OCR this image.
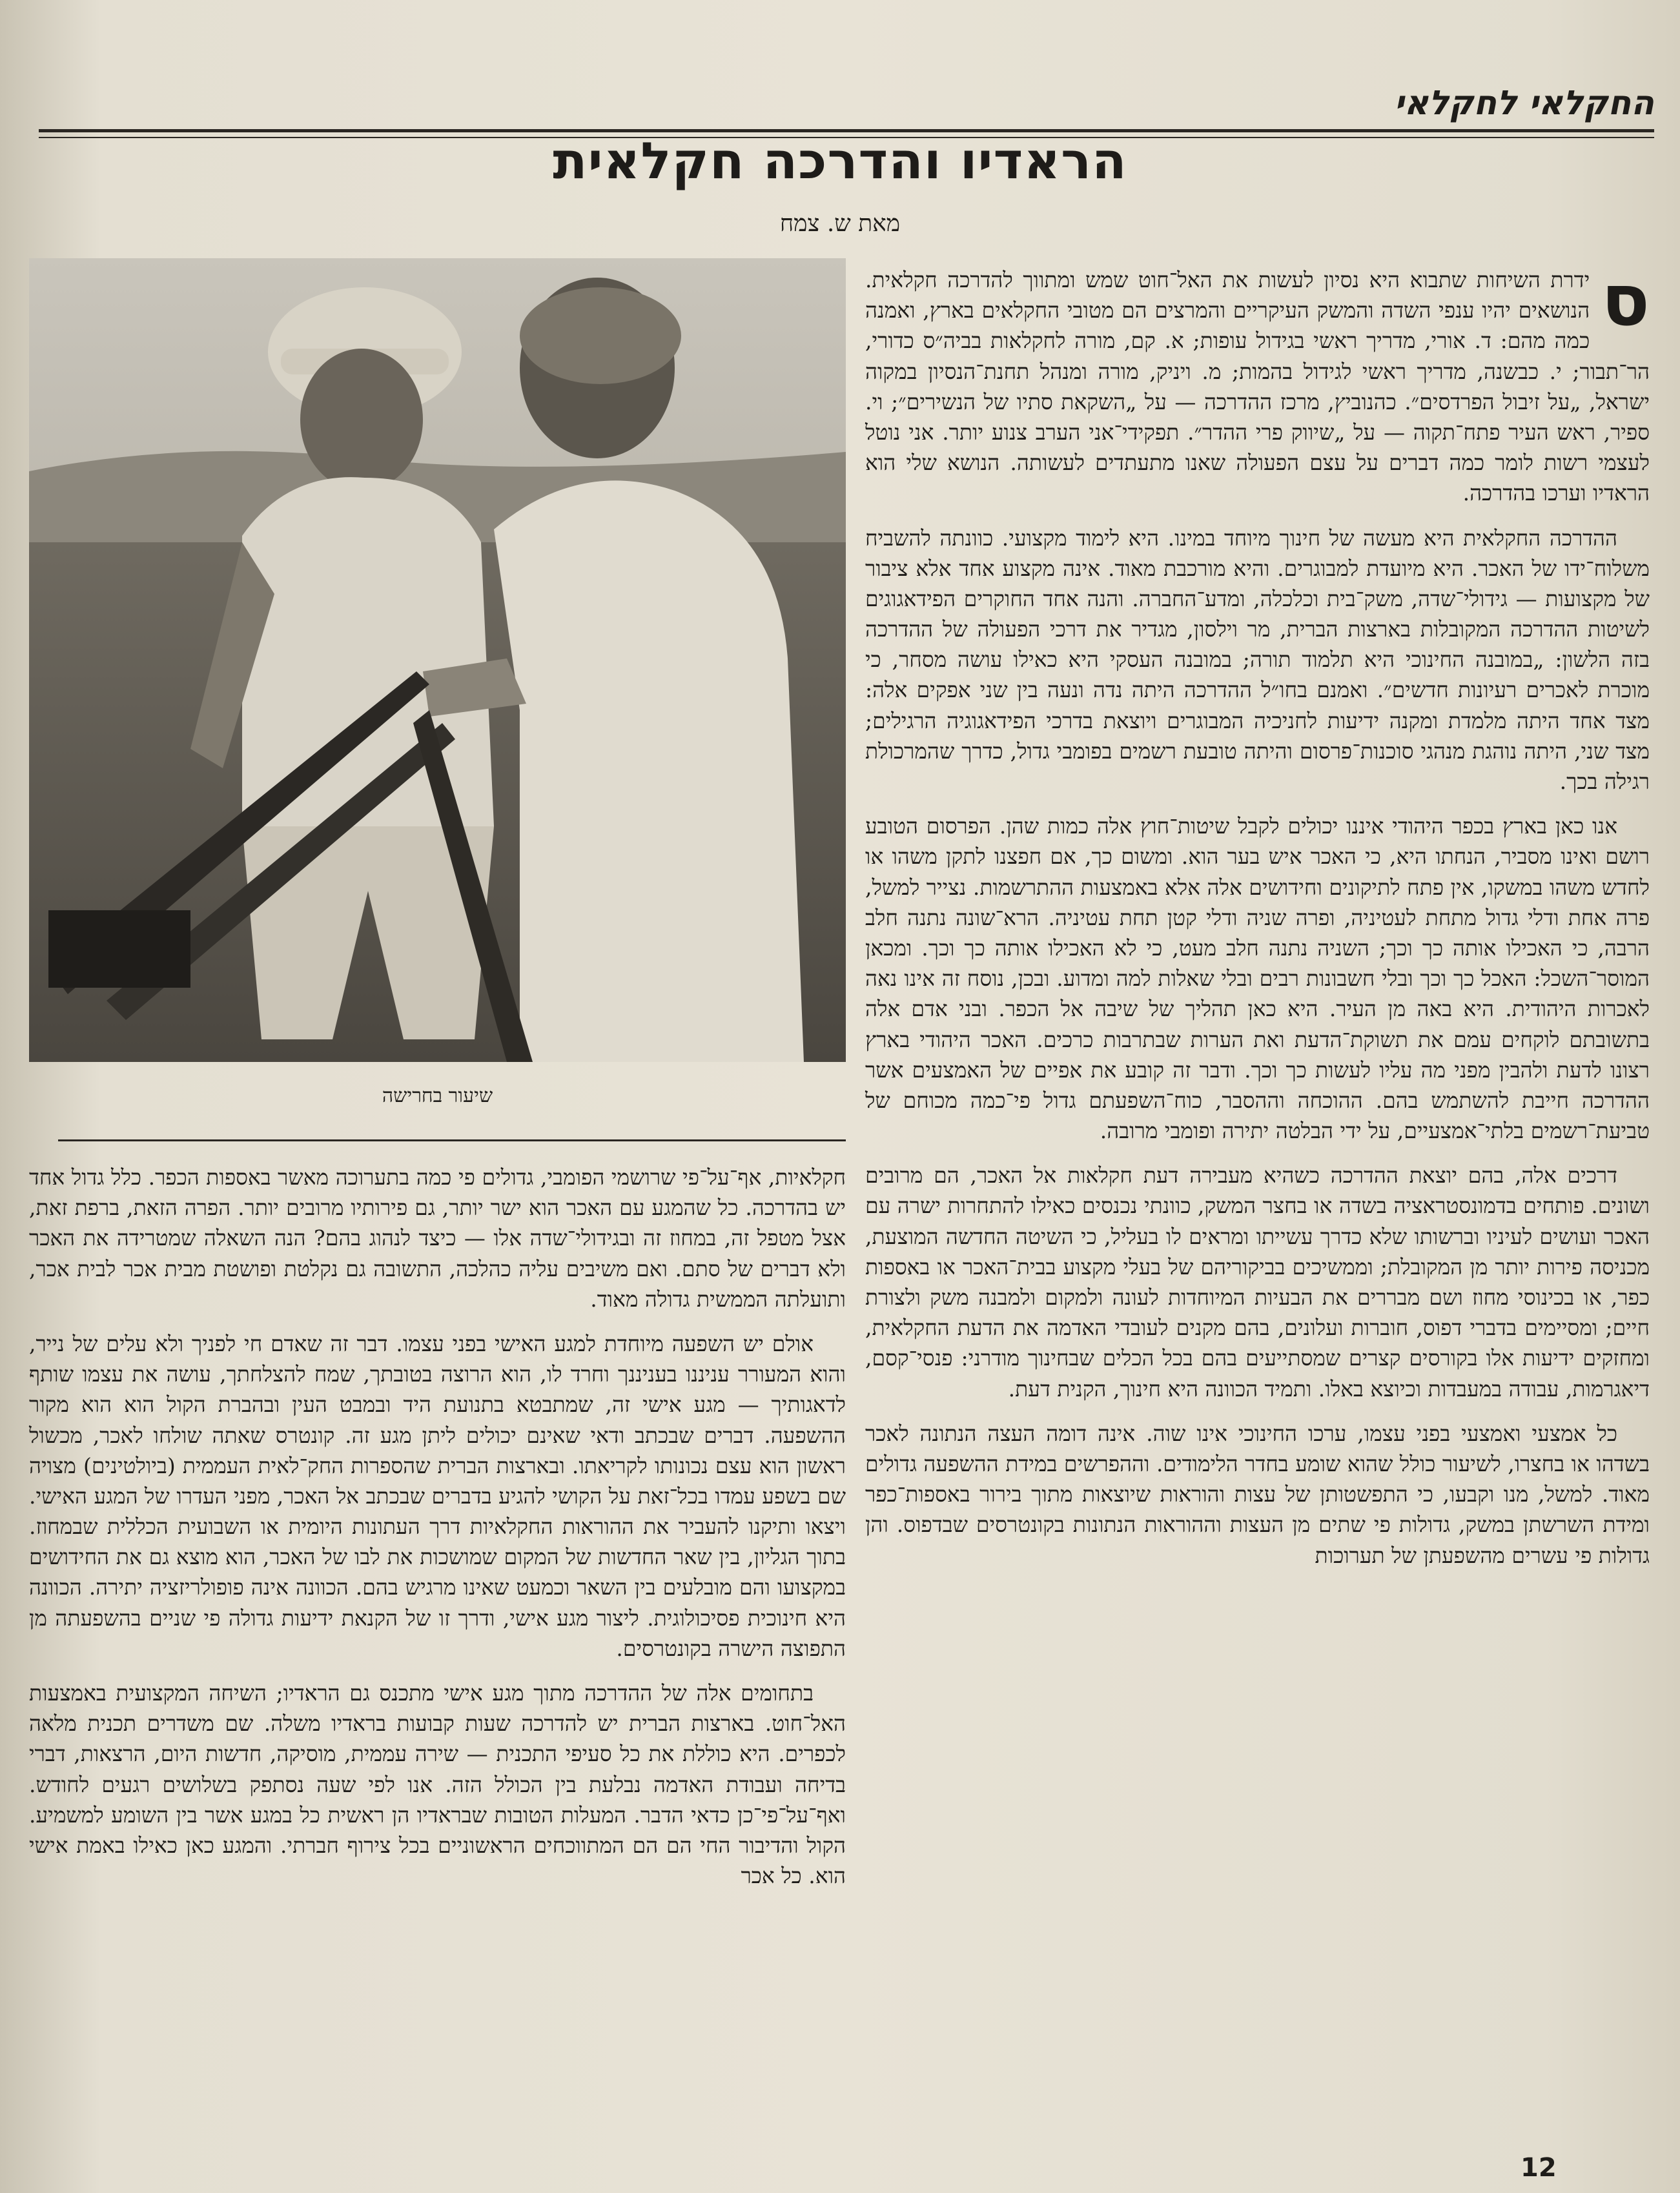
החקלאי לחקלאי
הראדיו והדרכה חקלאית
מאת ש. צמח
שיעור בחרישה

ס
ידרת השיחות שתבוא היא נסיון לעשות את האל־חוט שמש ומתווך להדרכה חקלאית. הנושאים יהיו ענפי השדה והמשק העיקריים והמרצים הם מטובי החקלאים בארץ, ואמנה כמה מהם: ד. אורי, מדריך ראשי בגידול עופות; א. קם, מורה לחקלאות בביה״ס כדורי, הר־תבור; י. כבשנה, מדריך ראשי לגידול בהמות; מ. ויניק, מורה ומנהל תחנת־הנסיון במקוה ישראל, „על זיבול הפרדסים״. כהנוביץ, מרכז ההדרכה — על „השקאת סתיו של הנשירים״; וי. ספיר, ראש העיר פתח־תקוה — על „שיווק פרי ההדר״. תפקידי־אני הערב צנוע יותר. אני נוטל לעצמי רשות לומר כמה דברים על עצם הפעולה שאנו מתעתדים לעשותה. הנושא שלי הוא הראדיו וערכו בהדרכה.

ההדרכה החקלאית היא מעשה של חינוך מיוחד במינו. היא לימוד מקצועי. כוונתה להשביח משלוח־ידו של האכר. היא מיועדת למבוגרים. והיא מורכבת מאוד. אינה מקצוע אחד אלא ציבור של מקצועות — גידולי־שדה, משק־בית וכלכלה, ומדע־החברה. והנה אחד החוקרים הפידאגוגים לשיטות ההדרכה המקובלות בארצות הברית, מר וילסון, מגדיר את דרכי הפעולה של ההדרכה בזה הלשון: „במובנה החינוכי היא תלמוד תורה; במובנה העסקי היא כאילו עושה מסחר, כי מוכרת לאכרים רעיונות חדשים״. ואמנם בחו״ל ההדרכה היתה נדה ונעה בין שני אפקים אלה: מצד אחד היתה מלמדת ומקנה ידיעות לחניכיה המבוגרים ויוצאת בדרכי הפידאגוגיה הרגילים; מצד שני, היתה נוהגת מנהגי סוכנות־פרסום והיתה טובעת רשמים בפומבי גדול, כדרך שהמרכולת רגילה בכך.

אנו כאן בארץ בכפר היהודי איננו יכולים לקבל שיטות־חוץ אלה כמות שהן. הפרסום הטובע רושם ואינו מסביר, הנחתו היא, כי האכר איש בער הוא. ומשום כך, אם חפצנו לתקן משהו או לחדש משהו במשקו, אין פתח לתיקונים וחידושים אלה אלא באמצעות ההתרשמות. נצייר למשל, פרה אחת ודלי גדול מתחת לעטיניה, ופרה שניה ודלי קטן תחת עטיניה. הרא־שונה נתנה חלב הרבה, כי האכילו אותה כך וכך; השניה נתנה חלב מעט, כי לא האכילו אותה כך וכך. ומכאן המוסר־השכל: האכל כך וכך ובלי חשבונות רבים ובלי שאלות למה ומדוע. ובכן, נוסח זה אינו נאה לאכרות היהודית. היא באה מן העיר. היא כאן תהליך של שיבה אל הכפר. ובני אדם אלה בתשובתם לוקחים עמם את תשוקת־הדעת ואת הערות שבתרבות כרכים. האכר היהודי בארץ רצונו לדעת ולהבין מפני מה עליו לעשות כך וכך. ודבר זה קובע את אפיים של האמצעים אשר ההדרכה חייבת להשתמש בהם. ההוכחה וההסבר, כוח־השפעתם גדול פי־כמה מכוחם של טביעת־רשמים בלתי־אמצעיים, על ידי הבלטה יתירה ופומבי מרובה.

דרכים אלה, בהם יוצאת ההדרכה כשהיא מעבירה דעת חקלאות אל האכר, הם מרובים ושונים. פותחים בדמונסטראציה בשדה או בחצר המשק, כוונתי נכנסים כאילו להתחרות ישרה עם האכר ועושים לעיניו וברשותו שלא כדרך עשייתו ומראים לו בעליל, כי השיטה החדשה המוצעת, מכניסה פירות יותר מן המקובלת; וממשיכים בביקוריהם של בעלי מקצוע בבית־האכר או באספות כפר, או בכינוסי מחוז ושם מבררים את הבעיות המיוחדות לעונה ולמקום ולמבנה משק ולצורת חיים; ומסיימים בדברי דפוס, חוברות ועלונים, בהם מקנים לעובדי האדמה את הדעת החקלאית, ומחזקים ידיעות אלו בקורסים קצרים שמסתייעים בהם בכל הכלים שבחינוך מודרני: פנסי־קסם, דיאגרמות, עבודה במעבדות וכיוצא באלו. ותמיד הכוונה היא חינוך, הקנית דעת.

כל אמצעי ואמצעי בפני עצמו, ערכו החינוכי אינו שוה. אינה דומה העצה הנתונה לאכר בשדהו או בחצרו, לשיעור כולל שהוא שומע בחדר הלימודים. וההפרשים במידת ההשפעה גדולים מאוד. למשל, מנו וקבעו, כי התפשטותן של עצות והוראות שיוצאות מתוך בירור באספות־כפר ומידת השרשתן במשק, גדולות פי שתים מן העצות וההוראות הנתונות בקונטרסים שבדפוס. והן גדולות פי עשרים מהשפעתן של תערוכות

חקלאיות, אף־על־פי שרושמי הפומבי, גדולים פי כמה בתערוכה מאשר באספות הכפר. כלל גדול אחד יש בהדרכה. כל שהמגע עם האכר הוא ישר יותר, גם פירותיו מרובים יותר. הפרה הזאת, ברפת זאת, אצל מטפל זה, במחוז זה ובגידולי־שדה אלו — כיצד לנהוג בהם? הנה השאלה שמטרידה את האכר ולא דברים של סתם. ואם משיבים עליה כהלכה, התשובה גם נקלטת ופושטת מבית אכר לבית אכר, ותועלתה הממשית גדולה מאוד.

אולם יש השפעה מיוחדת למגע האישי בפני עצמו. דבר זה שאדם חי לפניך ולא עלים של נייר, והוא המעורר עניננו בעניננך וחרד לו, הוא הרוצה בטובתך, שמח להצלחתך, עושה את עצמו שותף לדאגותיך — מגע אישי זה, שמתבטא בתנועת היד ובמבט העין ובהברת הקול הוא הוא מקור ההשפעה. דברים שבכתב ודאי שאינם יכולים ליתן מגע זה. קונטרס שאתה שולחו לאכר, מכשול ראשון הוא עצם נכונותו לקריאתו. ובארצות הברית שהספרות החק־לאית העממית (ביולטינים) מצויה שם בשפע עמדו בכל־זאת על הקושי להגיע בדברים שבכתב אל האכר, מפני העדרו של המגע האישי. ויצאו ותיקנו להעביר את ההוראות החקלאיות דרך העתונות היומית או השבועית הכללית שבמחוז. בתוך הגליון, בין שאר החדשות של המקום שמושכות את לבו של האכר, הוא מוצא גם את החידושים במקצועו והם מובלעים בין השאר וכמעט שאינו מרגיש בהם. הכוונה אינה פופולריזציה יתירה. הכוונה היא חינוכית פסיכולוגית. ליצור מגע אישי, ודרך זו של הקנאת ידיעות גדולה פי שניים בהשפעתה מן התפוצה הישרה בקונטרסים.

בתחומים אלה של ההדרכה מתוך מגע אישי מתכנס גם הראדיו; השיחה המקצועית באמצעות האל־חוט. בארצות הברית יש להדרכה שעות קבועות בראדיו משלה. שם משדרים תכנית מלאה לכפרים. היא כוללת את כל סעיפי התכנית — שירה עממית, מוסיקה, חדשות היום, הרצאות, דברי בדיחה ועבודת האדמה נבלעת בין הכולל הזה. אנו לפי שעה נסתפק בשלושים רגעים לחודש. ואף־על־פי־כן כדאי הדבר. המעלות הטובות שבראדיו הן ראשית כל במגע אשר בין השומע למשמיע. הקול והדיבור החי הם הם המתווכחים הראשוניים בכל צירוף חברתי. והמגע כאן כאילו באמת אישי הוא. כל אכר

12
